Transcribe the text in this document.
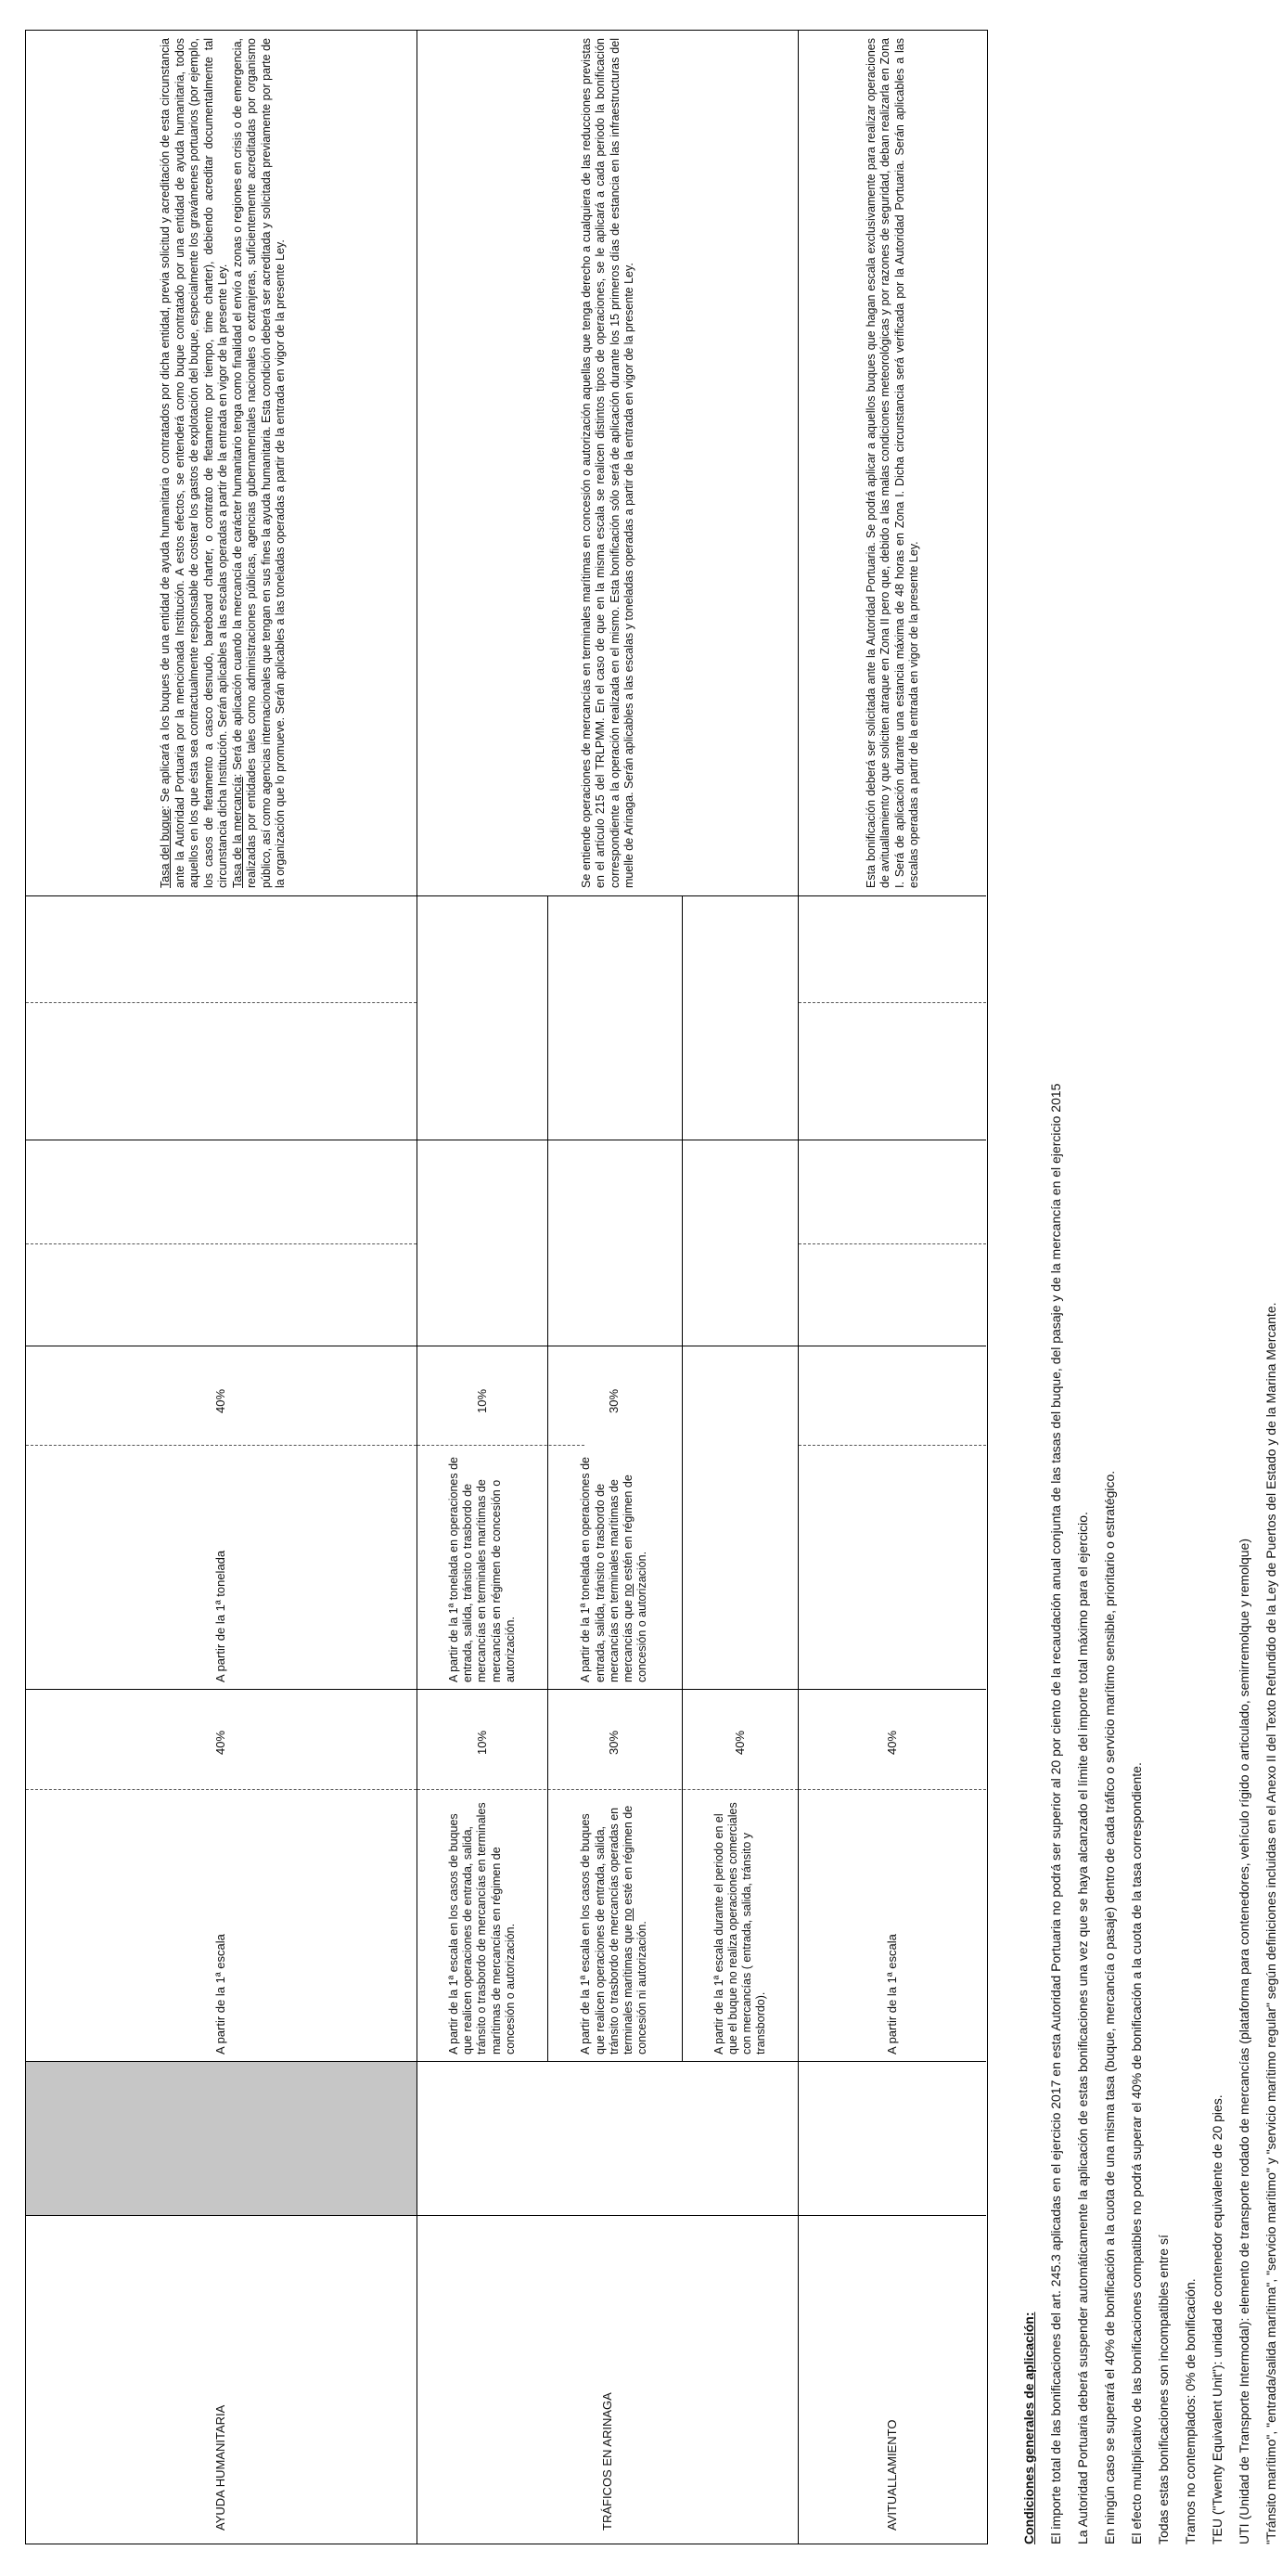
AYUDA HUMANITARIA
A partir de la 1ª escala
40%
A partir de la 1ª tonelada
40%
Tasa del buque: Se aplicará a los buques de una entidad de ayuda humanitaria o contratados por dicha entidad, previa solicitud y acreditación de esta circunstancia ante la Autoridad Portuaria por la mencionada Institución. A estos efectos, se entenderá como buque contratado por una entidad de ayuda humanitaria, todos aquellos en los que ésta sea contractualmente responsable de costear los gastos de explotación del buque, especialmente los gravámenes portuarios (por ejemplo, los casos de fletamento a casco desnudo, bareboard charter, o contrato de fletamento por tiempo, time charter), debiendo acreditar documentalmente tal circunstancia dicha Institución. Serán aplicables a las escalas operadas a partir de la entrada en vigor de la presente Ley. Tasa de la mercancía: Será de aplicación cuando la mercancía de carácter humanitario tenga como finalidad el envío a zonas o regiones en crisis o de emergencia, realizadas por entidades tales como administraciones públicas, agencias gubernamentales nacionales o extranjeras, suficientemente acreditadas por organismo público, así como agencias internacionales que tengan en sus fines la ayuda humanitaria. Esta condición deberá ser acreditada y solicitada previamente por parte de la organización que lo promueve. Serán aplicables a las toneladas operadas a partir de la entrada en vigor de la presente Ley.
TRÁFICOS EN ARINAGA
A partir de la 1ª escala en los casos de buques que realicen operaciones de entrada, salida, tránsito o trasbordo de mercancías en terminales marítimas de mercancías en régimen de concesión o autorización.
10%
A partir de la 1ª escala en los casos de buques que realicen operaciones de entrada, salida, tránsito o trasbordo de mercancías operadas en terminales marítimas que no esté en régimen de concesión ni autorización.
30%
A partir de la 1ª escala durante el periodo en el que el buque no realiza operaciones comerciales con mercancías ( entrada, salida, tránsito y transbordo).
40%
A partir de la 1ª tonelada en operaciones de entrada, salida, tránsito o trasbordo de mercancías en terminales marítimas de mercancías en régimen de concesión o autorización.
10%
A partir de la 1ª tonelada en operaciones de entrada, salida, tránsito o trasbordo de mercancías en terminales marítimas de mercancías que no estén en régimen de concesión o autorización.
30%
Se entiende operaciones de mercancías en terminales marítimas en concesión o autorización aquellas que tenga derecho a cualquiera de las reducciones previstas en el artículo 215 del TRLPMM. En el caso de que en la misma escala se realicen distintos tipos de operaciones, se le aplicará a cada periodo la bonificación correspondiente a la operación realizada en el mismo. Esta bonificación sólo será de aplicación durante los 15 primeros días de estancia en las infraestructuras del muelle de Arinaga. Serán aplicables a las escalas y toneladas operadas a partir de la entrada en vigor de la presente Ley.
AVITUALLAMIENTO
A partir de la 1ª escala
40%
Esta bonificación deberá ser solicitada ante la Autoridad Portuaria. Se podrá aplicar a aquellos buques que hagan escala exclusivamente para realizar operaciones de avituallamiento y que soliciten atraque en Zona II pero que, debido a las malas condiciones meteorológicas y por razones de seguridad, deban realizarla en Zona I. Será de aplicación durante una estancia máxima de 48 horas en Zona I. Dicha circunstancia será verificada por la Autoridad Portuaria. Serán aplicables a las escalas operadas a partir de la entrada en vigor de la presente Ley.
Condiciones generales de aplicación: El importe total de las bonificaciones del art. 245.3 aplicadas en el ejercicio 2017 en esta Autoridad Portuaria no podrá ser superior al 20 por ciento de la recaudación anual conjunta de las tasas del buque, del pasaje y de la mercancía en el ejercicio 2015 La Autoridad Portuaria deberá suspender automáticamente la aplicación de estas bonificaciones una vez que se haya alcanzado el límite del importe total máximo para el ejercicio. En ningún caso se superará el 40% de bonificación a la cuota de una misma tasa (buque, mercancía o pasaje) dentro de cada tráfico o servicio marítimo sensible, prioritario o estratégico. El efecto multiplicativo de las bonificaciones compatibles no podrá superar el 40% de bonificación a la cuota de la tasa correspondiente. Todas estas bonificaciones son incompatibles entre sí Tramos no contemplados: 0% de bonificación. TEU ("Twenty Equivalent Unit"): unidad de contenedor equivalente de 20 pies. UTI (Unidad de Transporte Intermodal): elemento de transporte rodado de mercancías (plataforma para contenedores, vehículo rígido o articulado, semirremolque y remolque) "Tránsito marítimo", "entrada/salida marítima", "servicio marítimo" y "servicio marítimo regular" según definiciones incluidas en el Anexo II del Texto Refundido de la Ley de Puertos del Estado y de la Marina Mercante.
